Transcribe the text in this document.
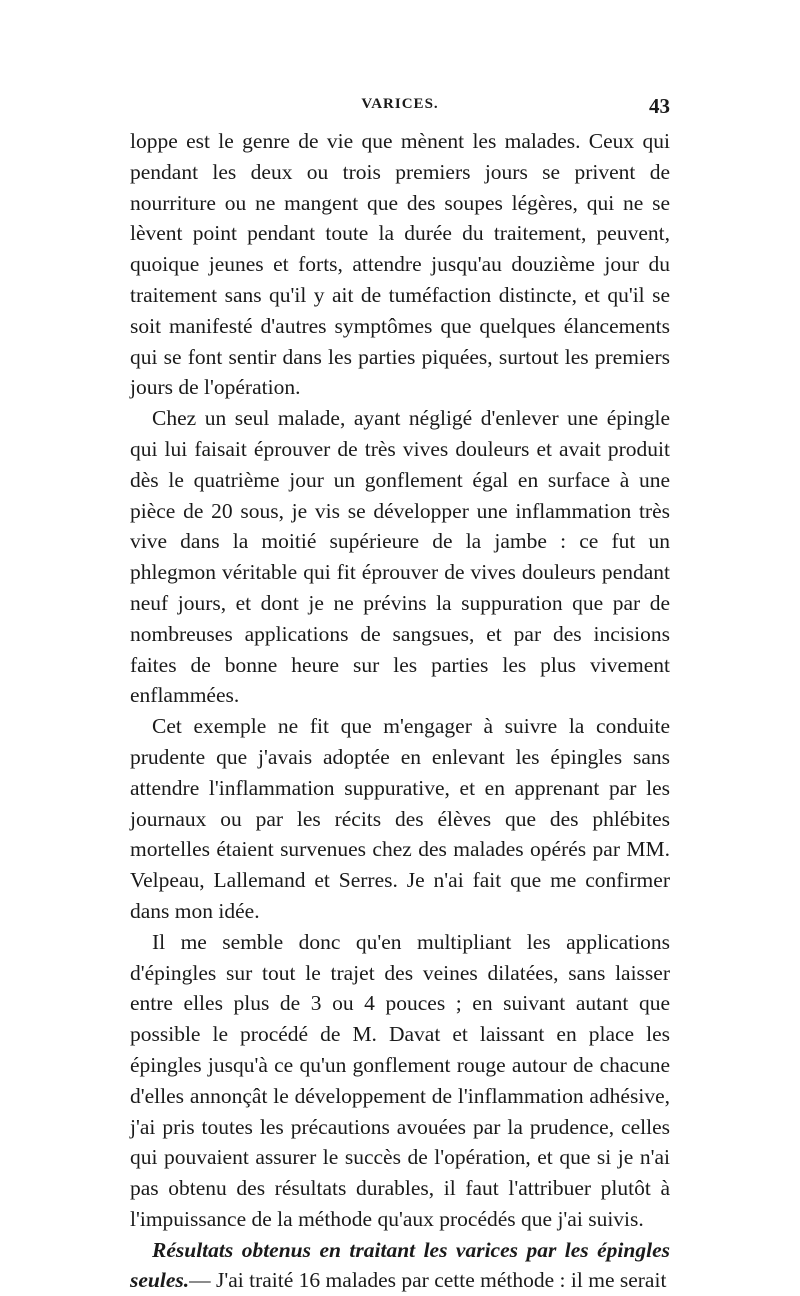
VARICES.	43

loppe est le genre de vie que mènent les malades. Ceux qui pendant les deux ou trois premiers jours se privent de nourriture ou ne mangent que des soupes légères, qui ne se lèvent point pendant toute la durée du traitement, peuvent, quoique jeunes et forts, attendre jusqu'au douzième jour du traitement sans qu'il y ait de tuméfaction distincte, et qu'il se soit manifesté d'autres symptômes que quelques élancements qui se font sentir dans les parties piquées, surtout les premiers jours de l'opération.

Chez un seul malade, ayant négligé d'enlever une épingle qui lui faisait éprouver de très vives douleurs et avait produit dès le quatrième jour un gonflement égal en surface à une pièce de 20 sous, je vis se développer une inflammation très vive dans la moitié supérieure de la jambe : ce fut un phlegmon véritable qui fit éprouver de vives douleurs pendant neuf jours, et dont je ne prévins la suppuration que par de nombreuses applications de sangsues, et par des incisions faites de bonne heure sur les parties les plus vivement enflammées.

Cet exemple ne fit que m'engager à suivre la conduite prudente que j'avais adoptée en enlevant les épingles sans attendre l'inflammation suppurative, et en apprenant par les journaux ou par les récits des élèves que des phlébites mortelles étaient survenues chez des malades opérés par MM. Velpeau, Lallemand et Serres. Je n'ai fait que me confirmer dans mon idée.

Il me semble donc qu'en multipliant les applications d'épingles sur tout le trajet des veines dilatées, sans laisser entre elles plus de 3 ou 4 pouces ; en suivant autant que possible le procédé de M. Davat et laissant en place les épingles jusqu'à ce qu'un gonflement rouge autour de chacune d'elles annonçât le développement de l'inflammation adhésive, j'ai pris toutes les précautions avouées par la prudence, celles qui pouvaient assurer le succès de l'opération, et que si je n'ai pas obtenu des résultats durables, il faut l'attribuer plutôt à l'impuissance de la méthode qu'aux procédés que j'ai suivis.

Résultats obtenus en traitant les varices par les épingles seules.— J'ai traité 16 malades par cette méthode : il me serait
